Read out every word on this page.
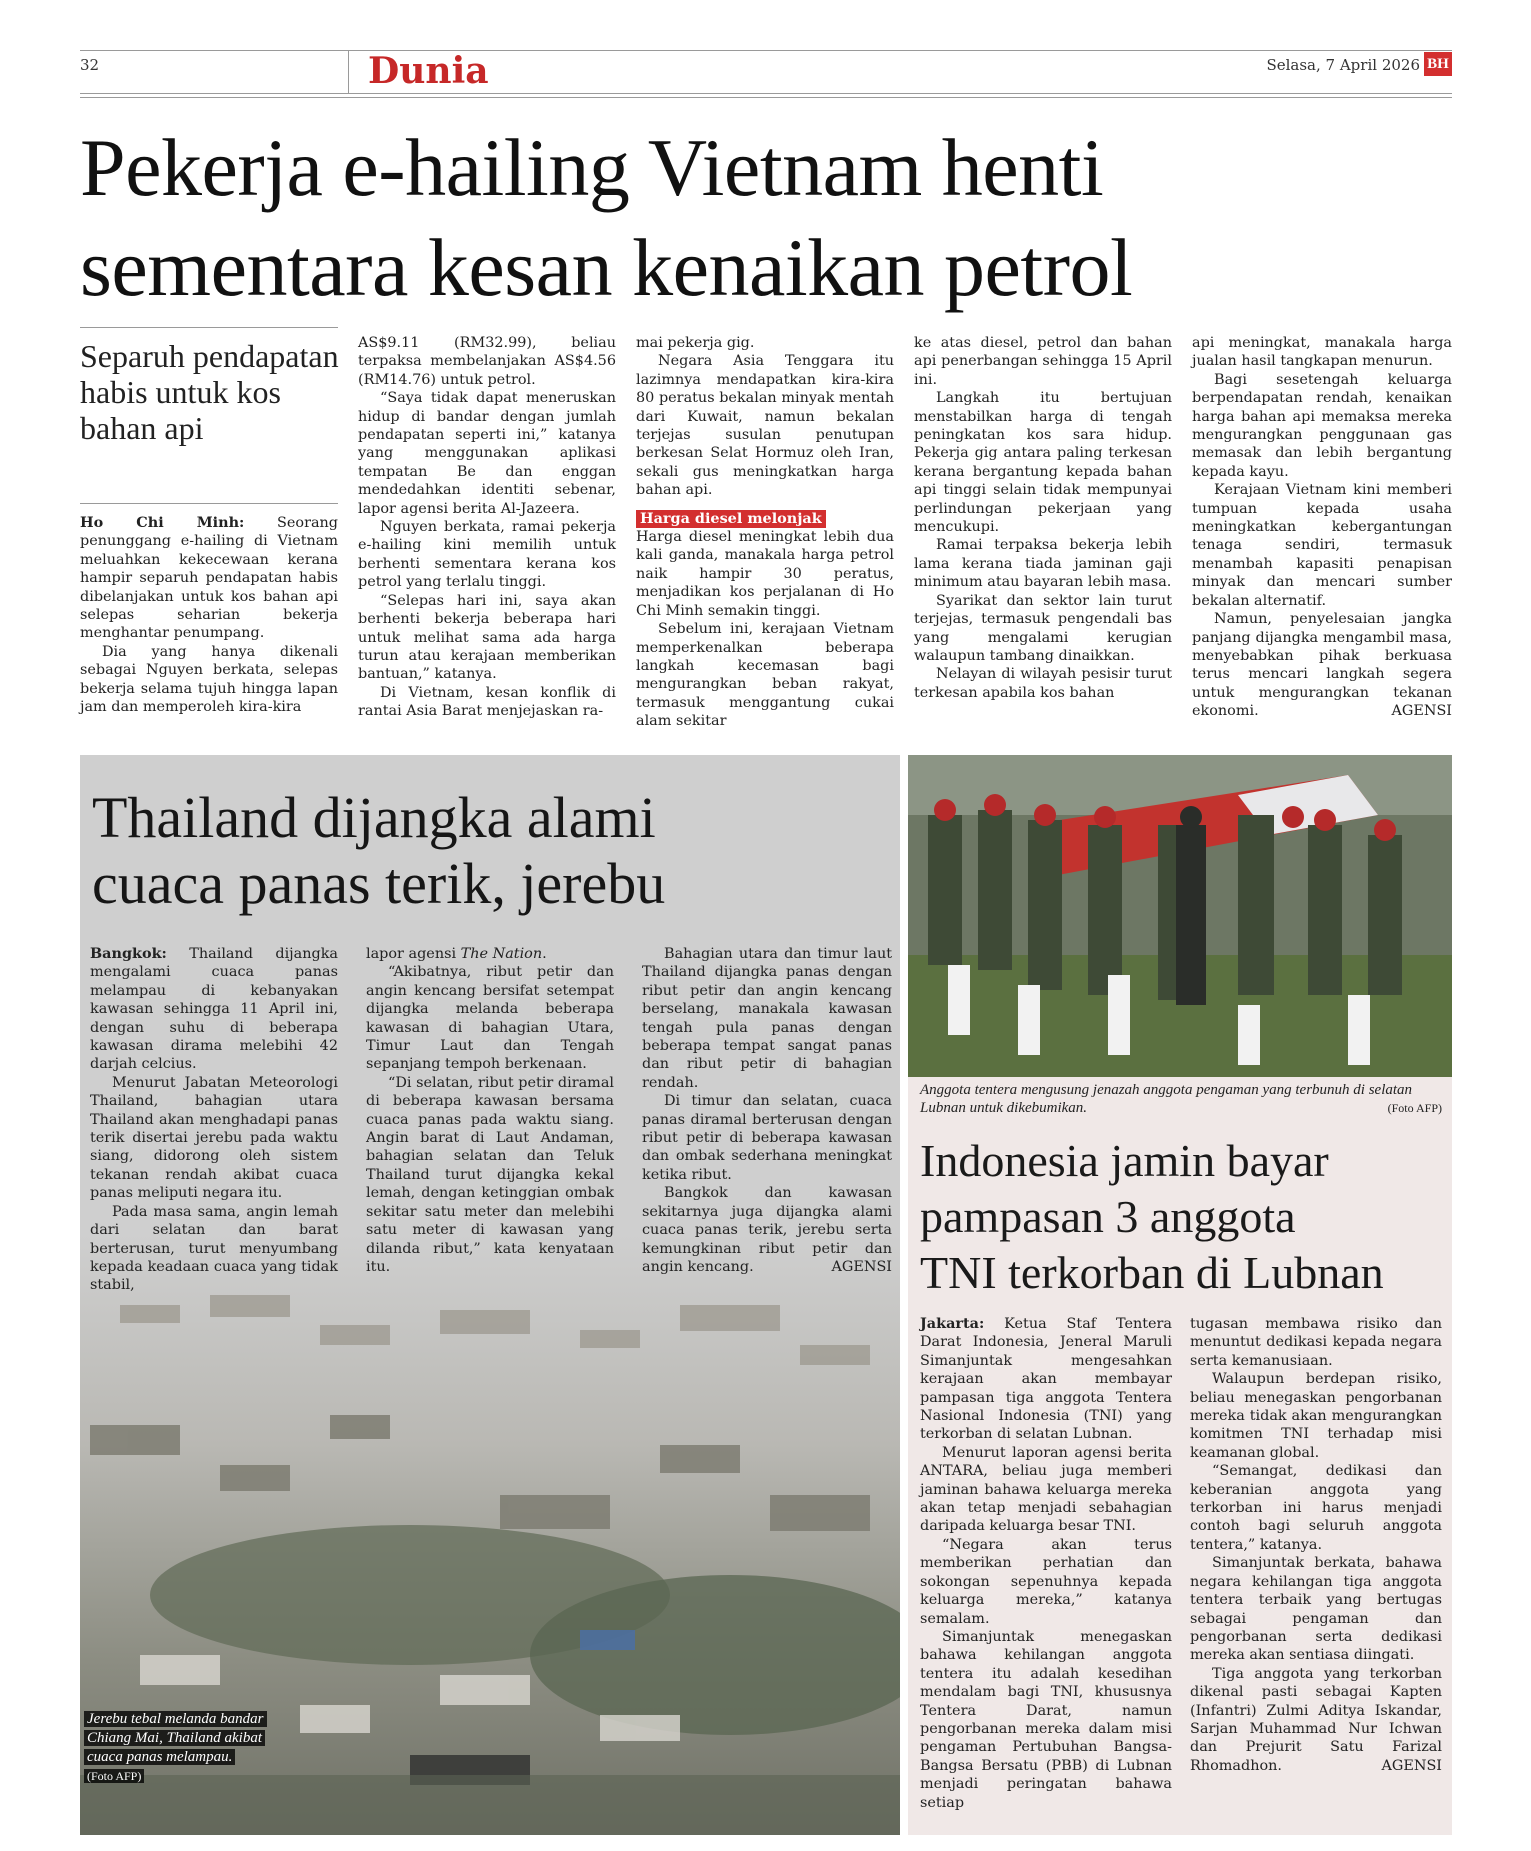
32	Dunia	Selasa, 7 April 2026 BH
Pekerja e-hailing Vietnam henti
sementara kesan kenaikan petrol
Separuh pendapatan habis untuk kos bahan api

Ho Chi Minh: Seorang penunggang e-hailing di Vietnam meluahkan kekecewaan kerana hampir separuh pendapatan habis dibelanjakan untuk kos bahan api selepas seharian bekerja menghantar penumpang.

Dia yang hanya dikenali sebagai Nguyen berkata, selepas bekerja selama tujuh hingga lapan jam dan memperoleh kira-kira

AS$9.11 (RM32.99), beliau terpaksa membelanjakan AS$4.56 (RM14.76) untuk petrol.

“Saya tidak dapat meneruskan hidup di bandar dengan jumlah pendapatan seperti ini,” katanya yang menggunakan aplikasi tempatan Be dan enggan mendedahkan identiti sebenar, lapor agensi berita Al-Jazeera.

Nguyen berkata, ramai pekerja e-hailing kini memilih untuk berhenti sementara kerana kos petrol yang terlalu tinggi.

“Selepas hari ini, saya akan berhenti bekerja beberapa hari untuk melihat sama ada harga turun atau kerajaan memberikan bantuan,” katanya.

Di Vietnam, kesan konflik di rantai Asia Barat menjejaskan ra-

mai pekerja gig.

Negara Asia Tenggara itu lazimnya mendapatkan kira-kira 80 peratus bekalan minyak mentah dari Kuwait, namun bekalan terjejas susulan penutupan berkesan Selat Hormuz oleh Iran, sekali gus meningkatkan harga bahan api.

Harga diesel melonjak

Harga diesel meningkat lebih dua kali ganda, manakala harga petrol naik hampir 30 peratus, menjadikan kos perjalanan di Ho Chi Minh semakin tinggi.

Sebelum ini, kerajaan Vietnam memperkenalkan beberapa langkah kecemasan bagi mengurangkan beban rakyat, termasuk menggantung cukai alam sekitar

ke atas diesel, petrol dan bahan api penerbangan sehingga 15 April ini.

Langkah itu bertujuan menstabilkan harga di tengah peningkatan kos sara hidup. Pekerja gig antara paling terkesan kerana bergantung kepada bahan api tinggi selain tidak mempunyai perlindungan pekerjaan yang mencukupi.

Ramai terpaksa bekerja lebih lama kerana tiada jaminan gaji minimum atau bayaran lebih masa.

Syarikat dan sektor lain turut terjejas, termasuk pengendali bas yang mengalami kerugian walaupun tambang dinaikkan.

Nelayan di wilayah pesisir turut terkesan apabila kos bahan

api meningkat, manakala harga jualan hasil tangkapan menurun.

Bagi sesetengah keluarga berpendapatan rendah, kenaikan harga bahan api memaksa mereka mengurangkan penggunaan gas memasak dan lebih bergantung kepada kayu.

Kerajaan Vietnam kini memberi tumpuan kepada usaha meningkatkan kebergantungan tenaga sendiri, termasuk menambah kapasiti penapisan minyak dan mencari sumber bekalan alternatif.

Namun, penyelesaian jangka panjang dijangka mengambil masa, menyebabkan pihak berkuasa terus mencari langkah segera untuk mengurangkan tekanan ekonomi.	AGENSI

Thailand dijangka alami
cuaca panas terik, jerebu

Bangkok: Thailand dijangka mengalami cuaca panas melampau di kebanyakan kawasan sehingga 11 April ini, dengan suhu di beberapa kawasan dirama melebihi 42 darjah celcius.

Menurut Jabatan Meteorologi Thailand, bahagian utara Thailand akan menghadapi panas terik disertai jerebu pada waktu siang, didorong oleh sistem tekanan rendah akibat cuaca panas meliputi negara itu.

Pada masa sama, angin lemah dari selatan dan barat berterusan, turut menyumbang kepada keadaan cuaca yang tidak stabil,

lapor agensi The Nation.

“Akibatnya, ribut petir dan angin kencang bersifat setempat dijangka melanda beberapa kawasan di bahagian Utara, Timur Laut dan Tengah sepanjang tempoh berkenaan.

“Di selatan, ribut petir diramal di beberapa kawasan bersama cuaca panas pada waktu siang. Angin barat di Laut Andaman, bahagian selatan dan Teluk Thailand turut dijangka kekal lemah, dengan ketinggian ombak sekitar satu meter dan melebihi satu meter di kawasan yang dilanda ribut,” kata kenyataan itu.

Bahagian utara dan timur laut Thailand dijangka panas dengan ribut petir dan angin kencang berselang, manakala kawasan tengah pula panas dengan beberapa tempat sangat panas dan ribut petir di bahagian rendah.

Di timur dan selatan, cuaca panas diramal berterusan dengan ribut petir di beberapa kawasan dan ombak sederhana meningkat ketika ribut.

Bangkok dan kawasan sekitarnya juga dijangka alami cuaca panas terik, jerebu serta kemungkinan ribut petir dan angin kencang.	AGENSI

Jerebu tebal melanda bandar
Chiang Mai, Thailand akibat
cuaca panas melampau.
(Foto AFP)
Anggota tentera mengusung jenazah anggota pengaman yang terbunuh di selatan Lubnan untuk dikebumikan.	(Foto AFP)
Indonesia jamin bayar
pampasan 3 anggota
TNI terkorban di Lubnan

Jakarta: Ketua Staf Tentera Darat Indonesia, Jeneral Maruli Simanjuntak mengesahkan kerajaan akan membayar pampasan tiga anggota Tentera Nasional Indonesia (TNI) yang terkorban di selatan Lubnan.

Menurut laporan agensi berita ANTARA, beliau juga memberi jaminan bahawa keluarga mereka akan tetap menjadi sebahagian daripada keluarga besar TNI.

“Negara akan terus memberikan perhatian dan sokongan sepenuhnya kepada keluarga mereka,” katanya semalam.

Simanjuntak menegaskan bahawa kehilangan anggota tentera itu adalah kesedihan mendalam bagi TNI, khususnya Tentera Darat, namun pengorbanan mereka dalam misi pengaman Pertubuhan Bangsa-Bangsa Bersatu (PBB) di Lubnan menjadi peringatan bahawa setiap

tugasan membawa risiko dan menuntut dedikasi kepada negara serta kemanusiaan.

Walaupun berdepan risiko, beliau menegaskan pengorbanan mereka tidak akan mengurangkan komitmen TNI terhadap misi keamanan global.

“Semangat, dedikasi dan keberanian anggota yang terkorban ini harus menjadi contoh bagi seluruh anggota tentera,” katanya.

Simanjuntak berkata, bahawa negara kehilangan tiga anggota tentera terbaik yang bertugas sebagai pengaman dan pengorbanan serta dedikasi mereka akan sentiasa diingati.

Tiga anggota yang terkorban dikenal pasti sebagai Kapten (Infantri) Zulmi Aditya Iskandar, Sarjan Muhammad Nur Ichwan dan Prejurit Satu Farizal Rhomadhon.	AGENSI
